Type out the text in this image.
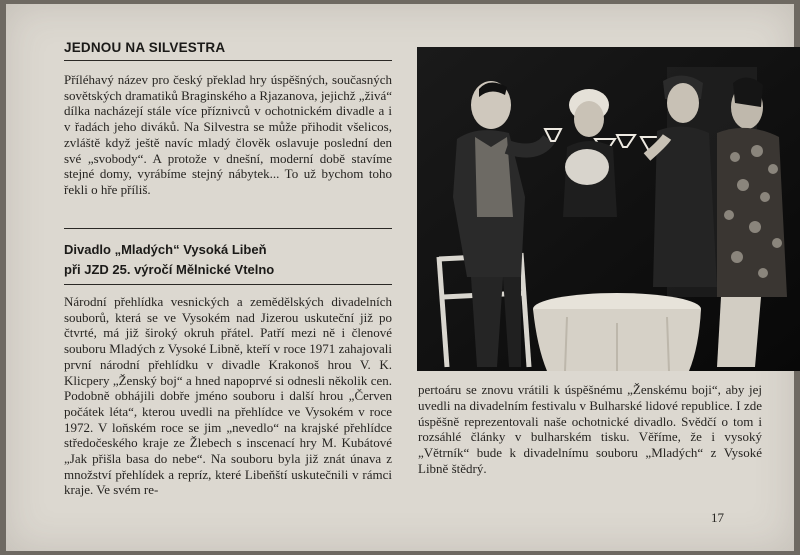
JEDNOU NA SILVESTRA

Příléhavý název pro český překlad hry úspěšných, současných sovětských dramatiků Braginského a Rjazanova, jejichž „živá“ dílka nacházejí stále více příznivců v ochotnickém divadle a i v řadách jeho diváků. Na Silvestra se může přihodit všelicos, zvláště když ještě navíc mladý člověk oslavuje poslední den své „svobody“. A protože v dnešní, moderní době stavíme stejné domy, vyrábíme stejný nábytek... To už bychom toho řekli o hře příliš.

Divadlo „Mladých“ Vysoká Libeň
při JZD 25. výročí Mělnické Vtelno

Národní přehlídka vesnických a zemědělských divadelních souborů, která se ve Vysokém nad Jizerou uskuteční již po čtvrté, má již široký okruh přátel. Patří mezi ně i členové souboru Mladých z Vysoké Libně, kteří v roce 1971 zahajovali první národní přehlídku v divadle Krakonoš hrou V. K. Klicpery „Ženský boj“ a hned napoprvé si odnesli několik cen. Podobně obhájili dobře jméno souboru i další hrou „Červen počátek léta“, kterou uvedli na přehlídce ve Vysokém v roce 1972. V loňském roce se jim „nevedlo“ na krajské přehlídce středočeského kraje ze Žlebech s inscenací hry M. Kubátové „Jak přišla basa do nebe“. Na souboru byla již znát únava z množství přehlídek a repríz, které Libeňští uskutečnili v rámci kraje. Ve svém re-

pertoáru se znovu vrátili k úspěšnému „Ženskému boji“, aby jej uvedli na divadelním festivalu v Bulharské lidové republice. I zde úspěšně reprezentovali naše ochotnické divadlo. Svědčí o tom i rozsáhlé články v bulharském tisku. Věříme, že i vysoký „Větrník“ bude k divadelnímu souboru „Mladých“ z Vysoké Libně štědrý.

17
